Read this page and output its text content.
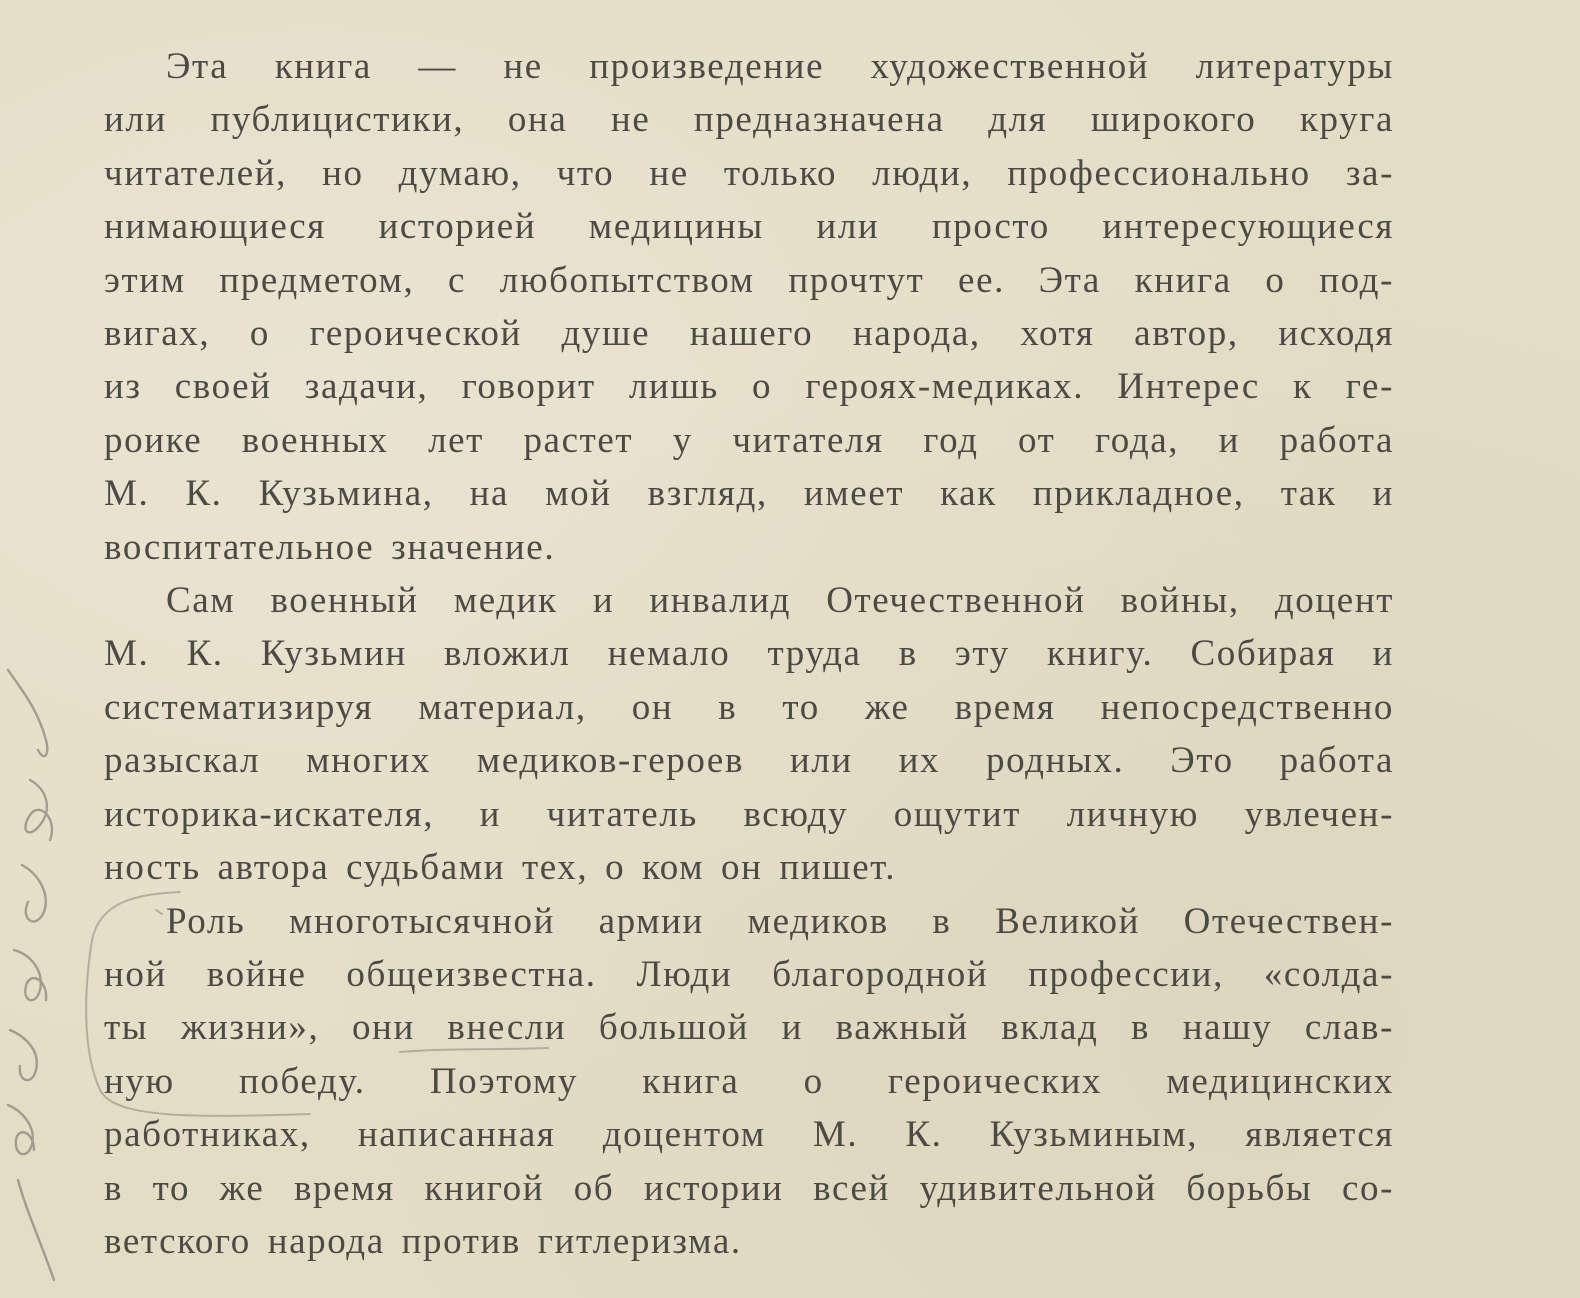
Эта книга — не произведение художественной литературы
или публицистики, она не предназначена для широкого круга
читателей, но думаю, что не только люди, профессионально за-
нимающиеся историей медицины или просто интересующиеся
этим предметом, с любопытством прочтут ее. Эта книга о под-
вигах, о героической душе нашего народа, хотя автор, исходя
из своей задачи, говорит лишь о героях-медиках. Интерес к ге-
роике военных лет растет у читателя год от года, и работа
М. К. Кузьмина, на мой взгляд, имеет как прикладное, так и
воспитательное значение.
Сам военный медик и инвалид Отечественной войны, доцент
М. К. Кузьмин вложил немало труда в эту книгу. Собирая и
систематизируя материал, он в то же время непосредственно
разыскал многих медиков-героев или их родных. Это работа
историка-искателя, и читатель всюду ощутит личную увлечен-
ность автора судьбами тех, о ком он пишет.
Роль многотысячной армии медиков в Великой Отечествен-
ной войне общеизвестна. Люди благородной профессии, «солда-
ты жизни», они внесли большой и важный вклад в нашу слав-
ную победу. Поэтому книга о героических медицинских
работниках, написанная доцентом М. К. Кузьминым, является
в то же время книгой об истории всей удивительной борьбы со-
ветского народа против гитлеризма.
